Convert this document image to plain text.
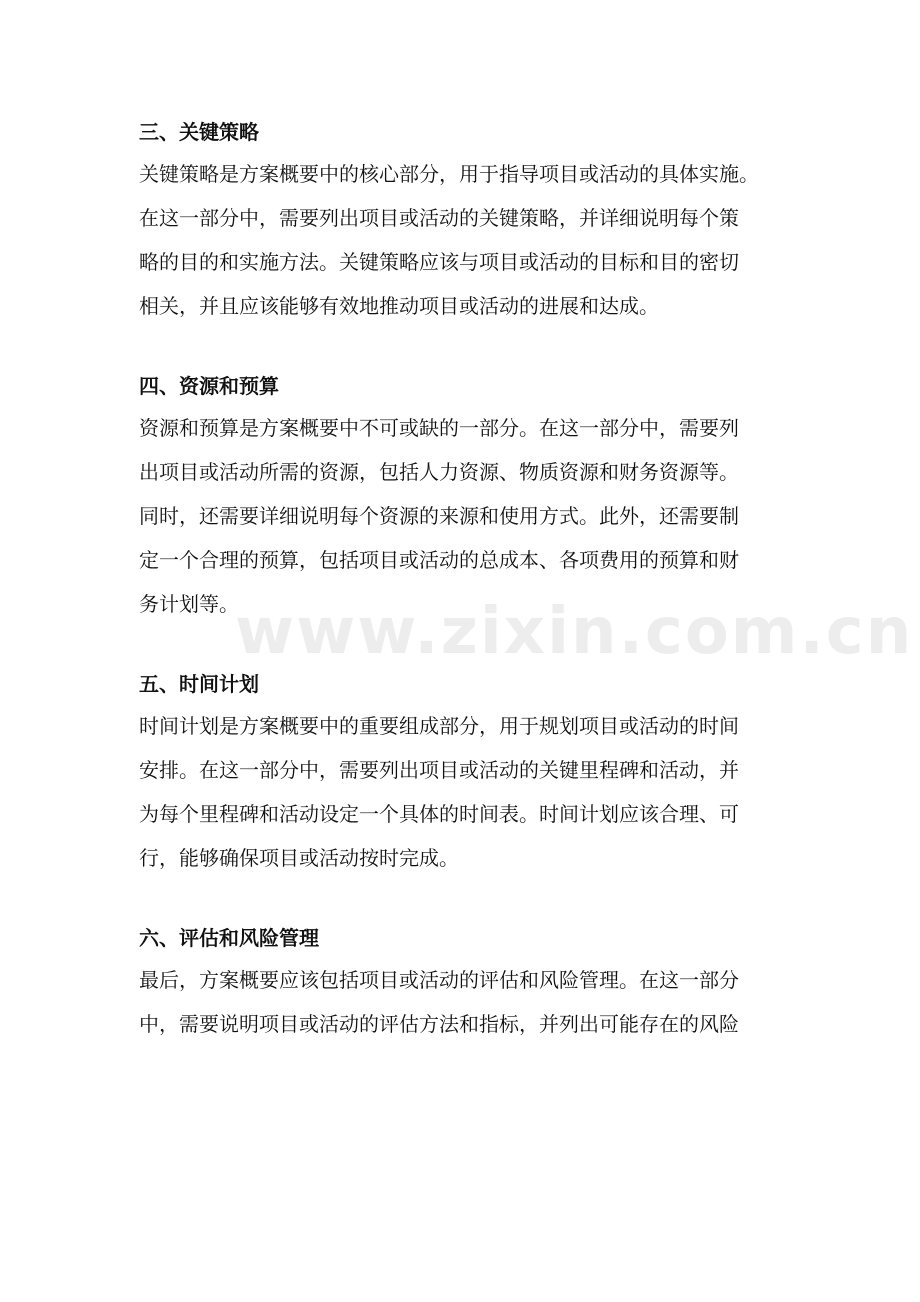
www.zixin.com.cn
三、关键策略

关键策略是方案概要中的核心部分，用于指导项目或活动的具体实施。
在这一部分中，需要列出项目或活动的关键策略，并详细说明每个策
略的目的和实施方法。关键策略应该与项目或活动的目标和目的密切
相关，并且应该能够有效地推动项目或活动的进展和达成。

四、资源和预算

资源和预算是方案概要中不可或缺的一部分。在这一部分中，需要列
出项目或活动所需的资源，包括人力资源、物质资源和财务资源等。
同时，还需要详细说明每个资源的来源和使用方式。此外，还需要制
定一个合理的预算，包括项目或活动的总成本、各项费用的预算和财
务计划等。

五、时间计划

时间计划是方案概要中的重要组成部分，用于规划项目或活动的时间
安排。在这一部分中，需要列出项目或活动的关键里程碑和活动，并
为每个里程碑和活动设定一个具体的时间表。时间计划应该合理、可
行，能够确保项目或活动按时完成。

六、评估和风险管理

最后，方案概要应该包括项目或活动的评估和风险管理。在这一部分
中，需要说明项目或活动的评估方法和指标，并列出可能存在的风险
